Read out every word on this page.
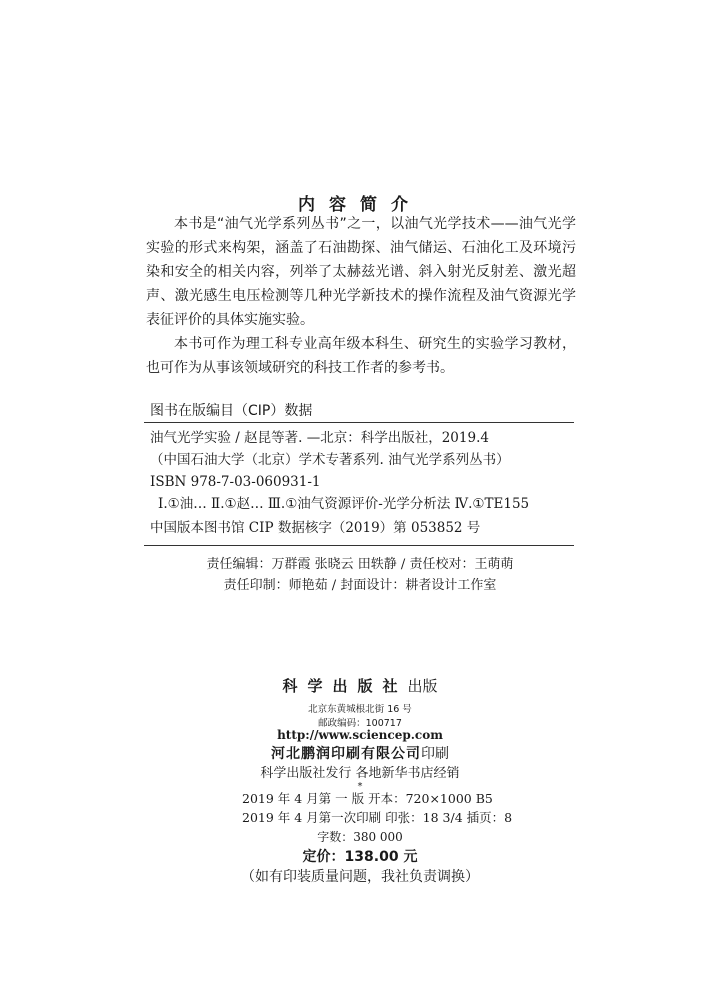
内容简介

本书是“油气光学系列丛书”之一，以油气光学技术——油气光学实验的形式来构架，涵盖了石油勘探、油气储运、石油化工及环境污染和安全的相关内容，列举了太赫兹光谱、斜入射光反射差、激光超声、激光感生电压检测等几种光学新技术的操作流程及油气资源光学表征评价的具体实施实验。

本书可作为理工科专业高年级本科生、研究生的实验学习教材，也可作为从事该领域研究的科技工作者的参考书。

图书在版编目（CIP）数据
油气光学实验 / 赵昆等著. —北京：科学出版社，2019.4
（中国石油大学（北京）学术专著系列. 油气光学系列丛书）
ISBN 978-7-03-060931-1
Ⅰ.①油… Ⅱ.①赵… Ⅲ.①油气资源评价-光学分析法 Ⅳ.①TE155
中国版本图书馆 CIP 数据核字（2019）第 053852 号
责任编辑：万群霞 张晓云 田轶静 / 责任校对：王萌萌
责任印制：师艳茹 / 封面设计：耕者设计工作室
科学出版社出版
北京东黄城根北街 16 号
邮政编码：100717
http://www.sciencep.com
河北鹏润印刷有限公司印刷
科学出版社发行 各地新华书店经销
*
2019 年 4 月第 一 版 开本：720×1000 B5
2019 年 4 月第一次印刷 印张：18 3/4 插页：8
字数：380 000
定价：138.00 元
（如有印装质量问题，我社负责调换）
